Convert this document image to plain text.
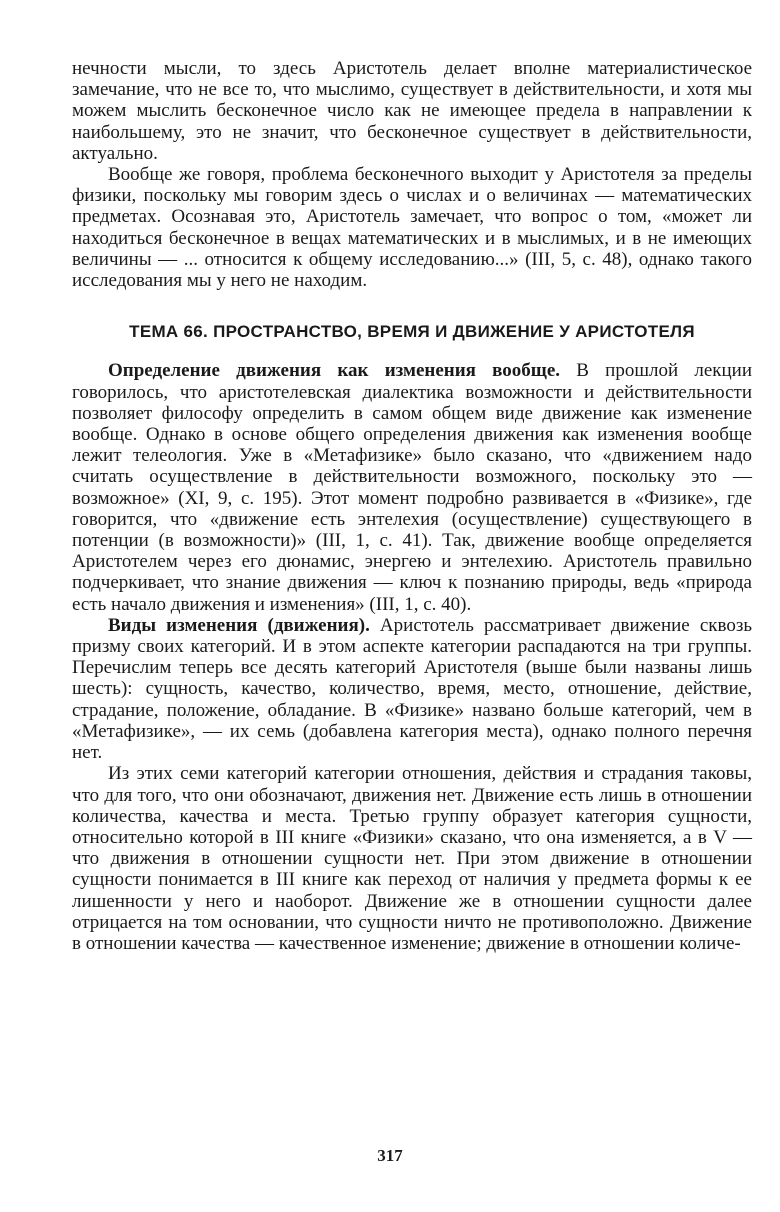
нечности мысли, то здесь Аристотель делает вполне материалистическое замечание, что не все то, что мыслимо, существует в действительности, и хотя мы можем мыслить бесконечное число как не имеющее предела в направлении к наибольшему, это не значит, что бесконечное существует в действительности, актуально.

Вообще же говоря, проблема бесконечного выходит у Аристотеля за пределы физики, поскольку мы говорим здесь о числах и о величинах — математических предметах. Осознавая это, Аристотель замечает, что вопрос о том, «может ли находиться бесконечное в вещах математических и в мыслимых, и в не имеющих величины — ... относится к общему исследованию...» (III, 5, с. 48), однако такого исследования мы у него не находим.

ТЕМА 66. ПРОСТРАНСТВО, ВРЕМЯ И ДВИЖЕНИЕ У АРИСТОТЕЛЯ

Определение движения как изменения вообще. В прошлой лекции говорилось, что аристотелевская диалектика возможности и действительности позволяет философу определить в самом общем виде движение как изменение вообще. Однако в основе общего определения движения как изменения вообще лежит телеология. Уже в «Метафизике» было сказано, что «движением надо считать осуществление в действительности возможного, поскольку это — возможное» (XI, 9, с. 195). Этот момент подробно развивается в «Физике», где говорится, что «движение есть энтелехия (осуществление) существующего в потенции (в возможности)» (III, 1, с. 41). Так, движение вообще определяется Аристотелем через его дюнамис, энергею и энтелехию. Аристотель правильно подчеркивает, что знание движения — ключ к познанию природы, ведь «природа есть начало движения и изменения» (III, 1, с. 40).

Виды изменения (движения). Аристотель рассматривает движение сквозь призму своих категорий. И в этом аспекте категории распадаются на три группы. Перечислим теперь все десять категорий Аристотеля (выше были названы лишь шесть): сущность, качество, количество, время, место, отношение, действие, страдание, положение, обладание. В «Физике» названо больше категорий, чем в «Метафизике», — их семь (добавлена категория места), однако полного перечня нет.

Из этих семи категорий категории отношения, действия и страдания таковы, что для того, что они обозначают, движения нет. Движение есть лишь в отношении количества, качества и места. Третью группу образует категория сущности, относительно которой в III книге «Физики» сказано, что она изменяется, а в V — что движения в отношении сущности нет. При этом движение в отношении сущности понимается в III книге как переход от наличия у предмета формы к ее лишенности у него и наоборот. Движение же в отношении сущности далее отрицается на том основании, что сущности ничто не противоположно. Движение в отношении качества — качественное изменение; движение в отношении количе-

317
